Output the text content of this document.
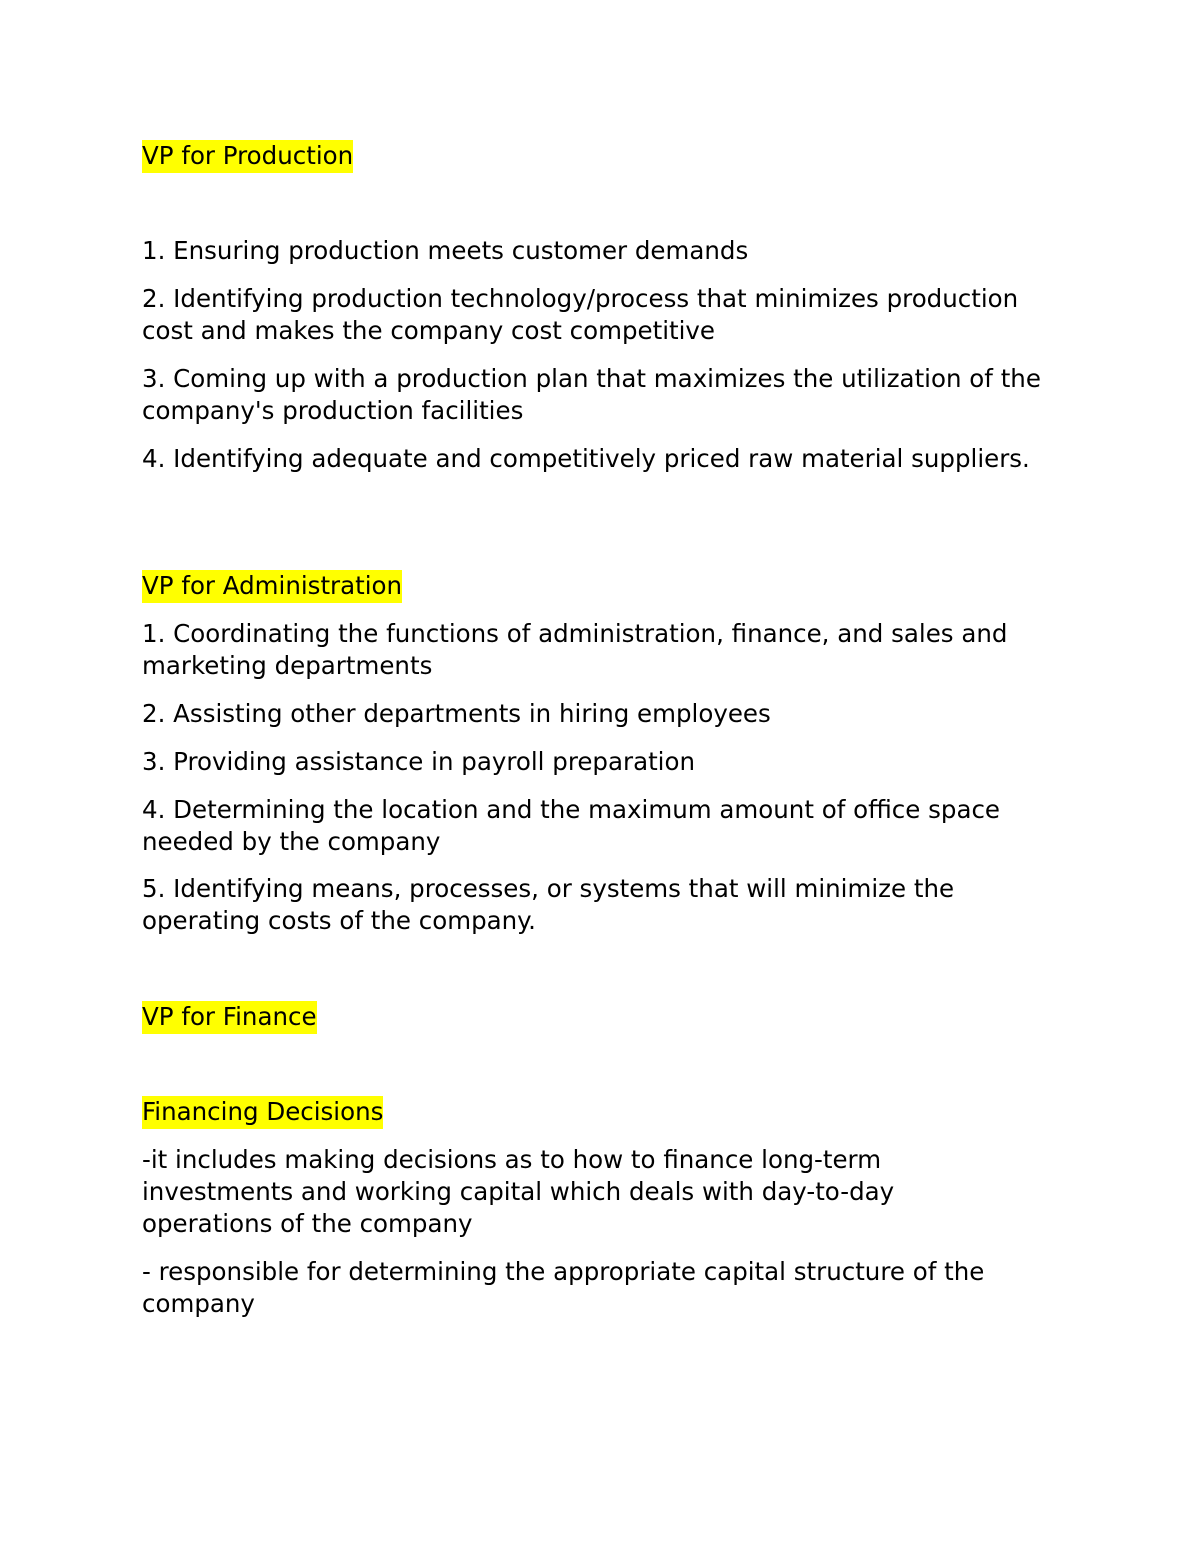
VP for Production

1. Ensuring production meets customer demands

2. Identifying production technology/process that minimizes production cost and makes the company cost competitive

3. Coming up with a production plan that maximizes the utilization of the company's production facilities

4. Identifying adequate and competitively priced raw material suppliers.

VP for Administration

1. Coordinating the functions of administration, finance, and sales and marketing departments

2. Assisting other departments in hiring employees

3. Providing assistance in payroll preparation

4. Determining the location and the maximum amount of office space needed by the company

5. Identifying means, processes, or systems that will minimize the operating costs of the company.

VP for Finance
Financing Decisions

-it includes making decisions as to how to finance long-term investments and working capital which deals with day-to-day operations of the company

- responsible for determining the appropriate capital structure of the company
